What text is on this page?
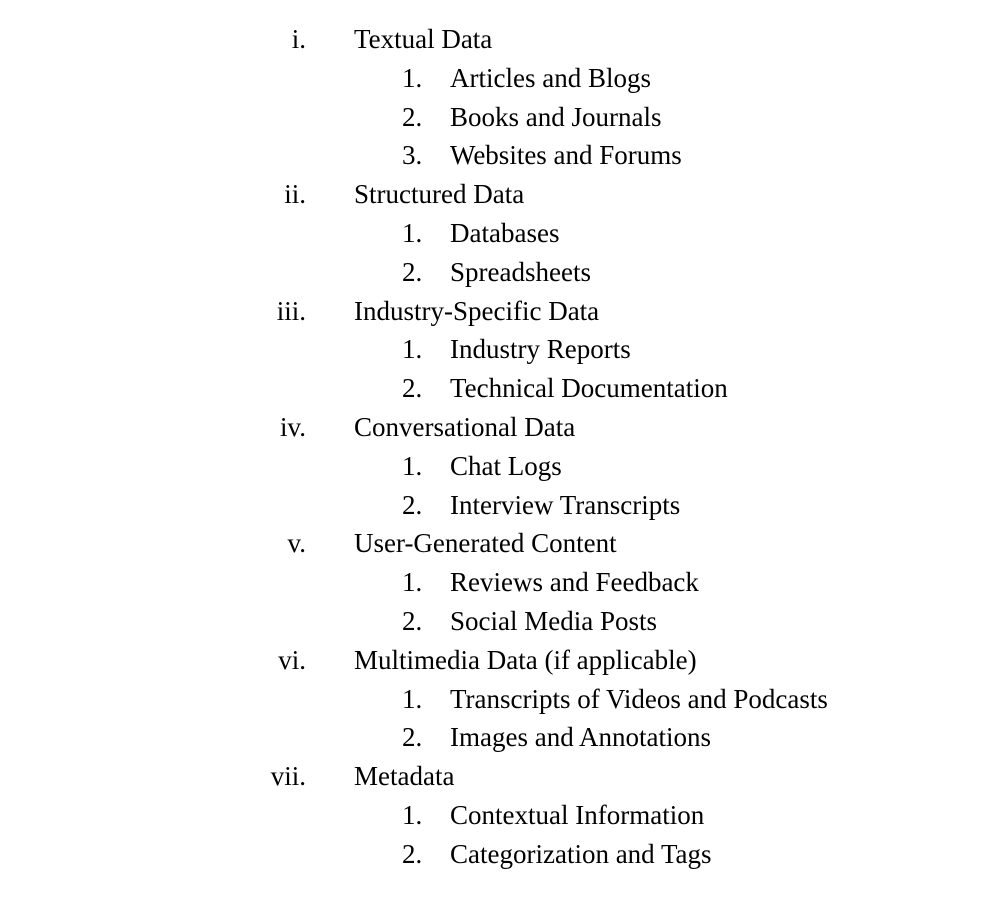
i. Textual Data
1. Articles and Blogs
2. Books and Journals
3. Websites and Forums
ii. Structured Data
1. Databases
2. Spreadsheets
iii. Industry-Specific Data
1. Industry Reports
2. Technical Documentation
iv. Conversational Data
1. Chat Logs
2. Interview Transcripts
v. User-Generated Content
1. Reviews and Feedback
2. Social Media Posts
vi. Multimedia Data (if applicable)
1. Transcripts of Videos and Podcasts
2. Images and Annotations
vii. Metadata
1. Contextual Information
2. Categorization and Tags
